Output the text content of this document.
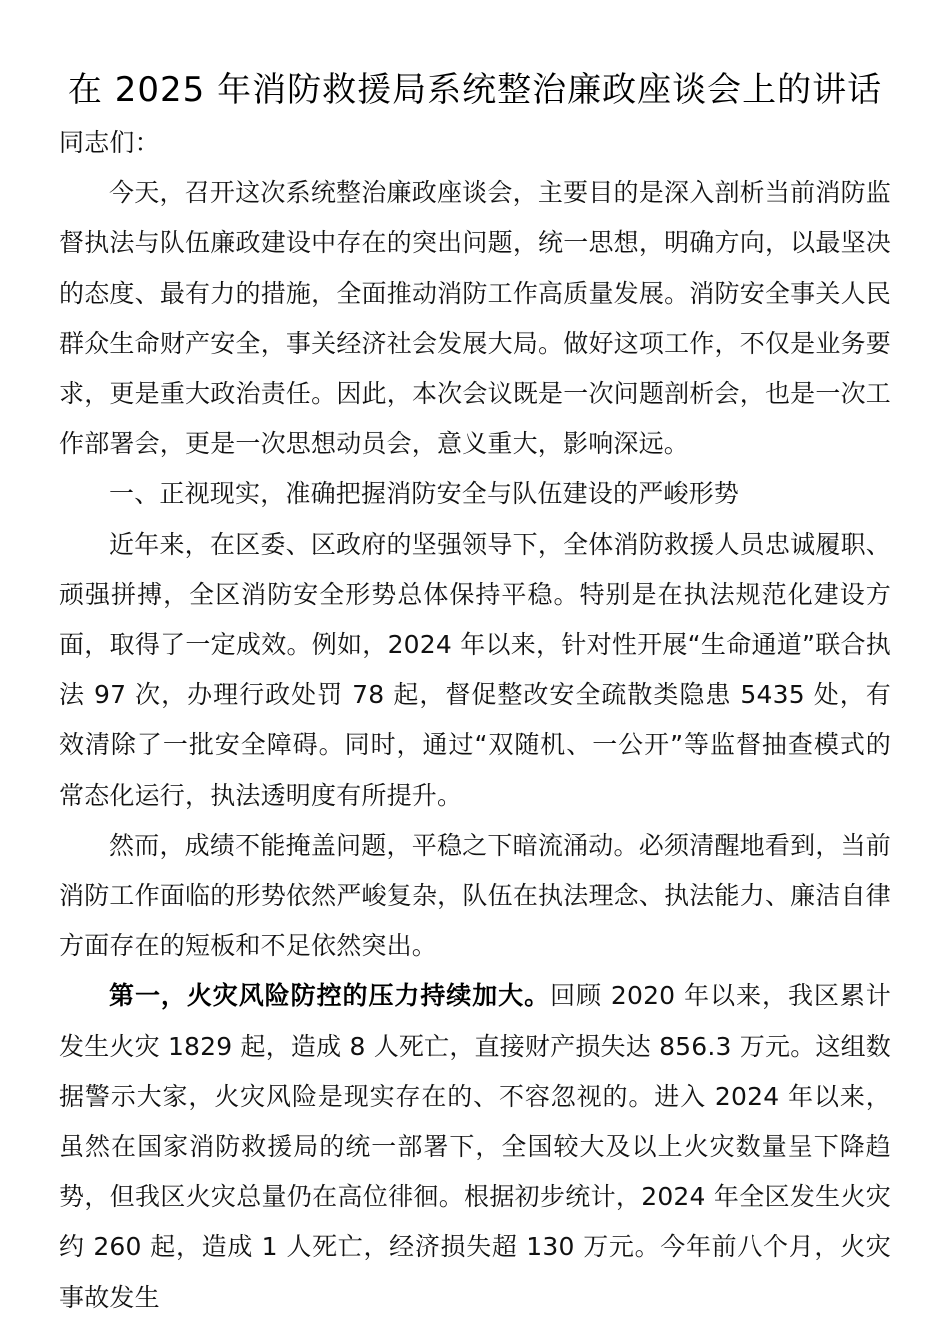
在 2025 年消防救援局系统整治廉政座谈会上的讲话

同志们：

今天，召开这次系统整治廉政座谈会，主要目的是深入剖析当前消防监督执法与队伍廉政建设中存在的突出问题，统一思想，明确方向，以最坚决的态度、最有力的措施，全面推动消防工作高质量发展。消防安全事关人民群众生命财产安全，事关经济社会发展大局。做好这项工作，不仅是业务要求，更是重大政治责任。因此，本次会议既是一次问题剖析会，也是一次工作部署会，更是一次思想动员会，意义重大，影响深远。

一、正视现实，准确把握消防安全与队伍建设的严峻形势

近年来，在区委、区政府的坚强领导下，全体消防救援人员忠诚履职、顽强拼搏，全区消防安全形势总体保持平稳。特别是在执法规范化建设方面，取得了一定成效。例如，2024 年以来，针对性开展“生命通道”联合执法 97 次，办理行政处罚 78 起，督促整改安全疏散类隐患 5435 处，有效清除了一批安全障碍。同时，通过“双随机、一公开”等监督抽查模式的常态化运行，执法透明度有所提升。

然而，成绩不能掩盖问题，平稳之下暗流涌动。必须清醒地看到，当前消防工作面临的形势依然严峻复杂，队伍在执法理念、执法能力、廉洁自律方面存在的短板和不足依然突出。

第一，火灾风险防控的压力持续加大。回顾 2020 年以来，我区累计发生火灾 1829 起，造成 8 人死亡，直接财产损失达 856.3 万元。这组数据警示大家，火灾风险是现实存在的、不容忽视的。进入 2024 年以来，虽然在国家消防救援局的统一部署下，全国较大及以上火灾数量呈下降趋势，但我区火灾总量仍在高位徘徊。根据初步统计，2024 年全区发生火灾约 260 起，造成 1 人死亡，经济损失超 130 万元。今年前八个月，火灾事故发生
